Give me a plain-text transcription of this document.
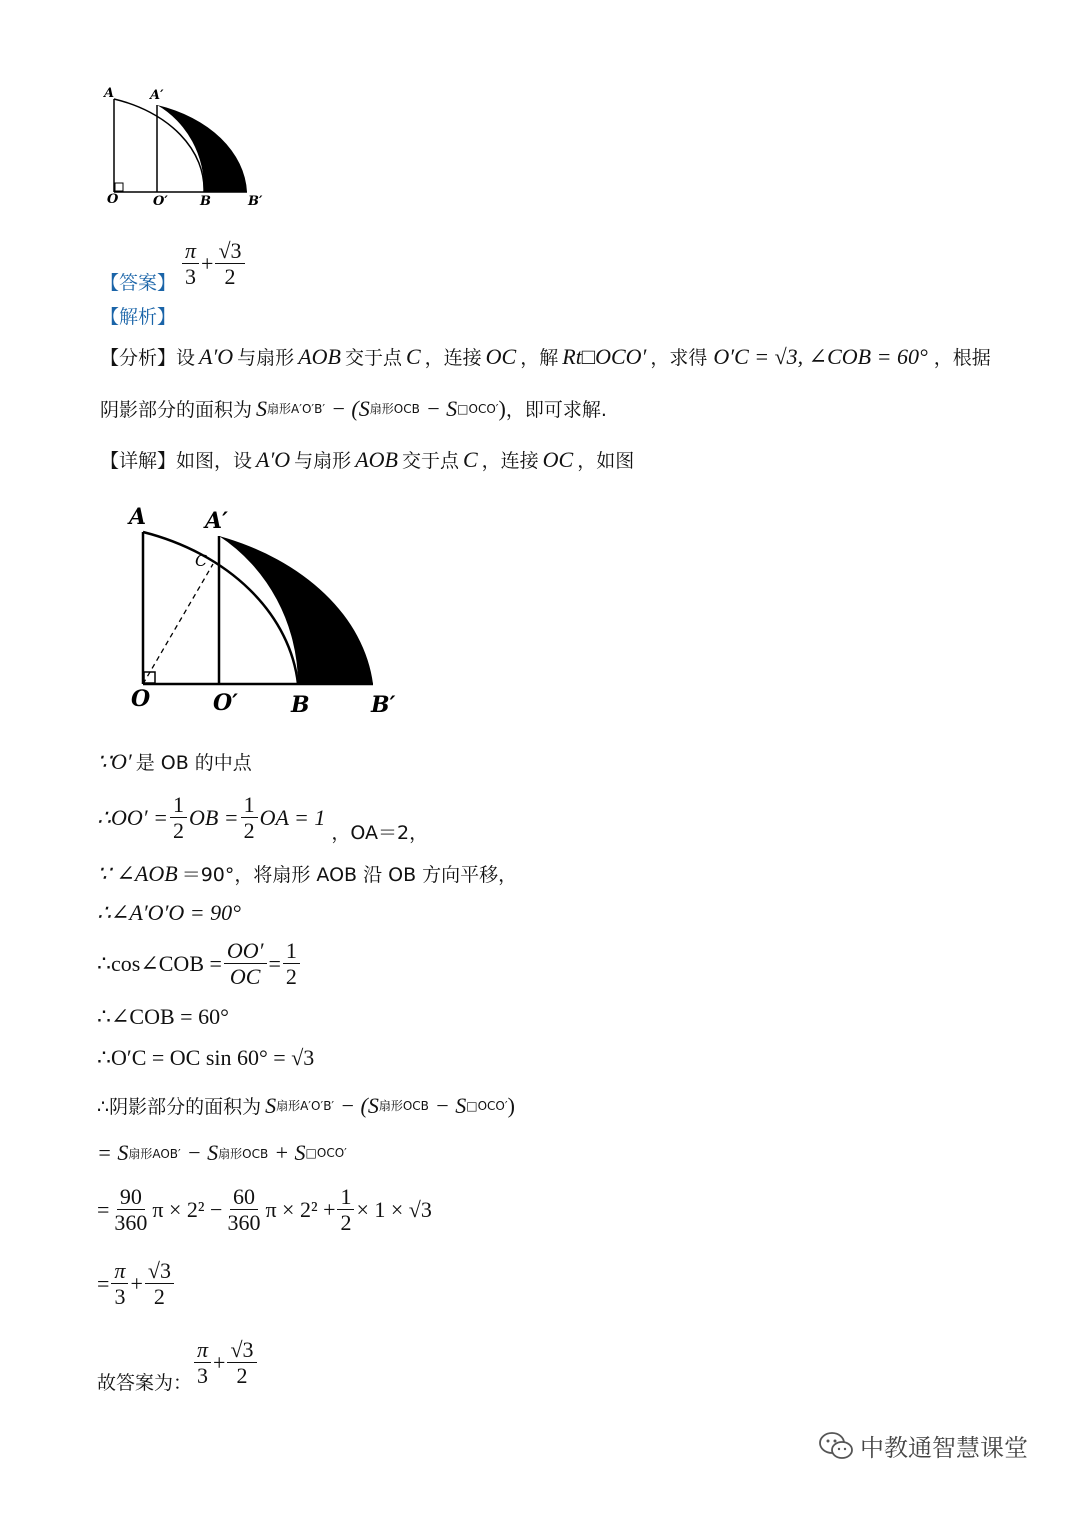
A	A′
O	O′ B	B′
【答案】 $\frac{\pi}{3} + \frac{√3}{2}$
【解析】
【分析】 设 A′O 与扇形 AOB 交于点 C ，连接 OC ，解 Rt□OCO′ ，求得 O′C = √3, ∠COB = 60° ，根据
阴影部分的面积为 S 扇形A′O′B′ − (S 扇形OCB − S □OCO′ ) ，即可求解.
【详解】 如图，设 A′O 与扇形 AOB 交于点 C ，连接 OC ，如图
A	A′
C
O	O′ B	B′
∵O′ 是 OB 的中点
∴OO′ = $\frac{1}{2}$ OB = $\frac{1}{2}$ OA = 1
，OA＝2，
∵ ∠AOB ＝90°，将扇形 AOB 沿 OB 方向平移，
∴∠A′O′O = 90°
∴cos∠COB = $\frac{OO'}{OC} = \frac{1}{2}$
∴∠COB = 60°
∴O′C = OC sin 60° = √3
∴阴影部分的面积为 S 扇形A′O′B′ − (S 扇形OCB − S □OCO′ )
= S 扇形AOB′ − S 扇形OCB + S □OCO′
= $\frac{90}{360}$ $\pi \times 2^2 - \frac{60}{360}$ $\pi \times 2^2 + \frac{1}{2} \times 1 \times √3$
= $\frac{\pi}{3} + \frac{√3}{2}$
故答案为： $\frac{\pi}{3} + \frac{√3}{2}$
中教通智慧课堂
